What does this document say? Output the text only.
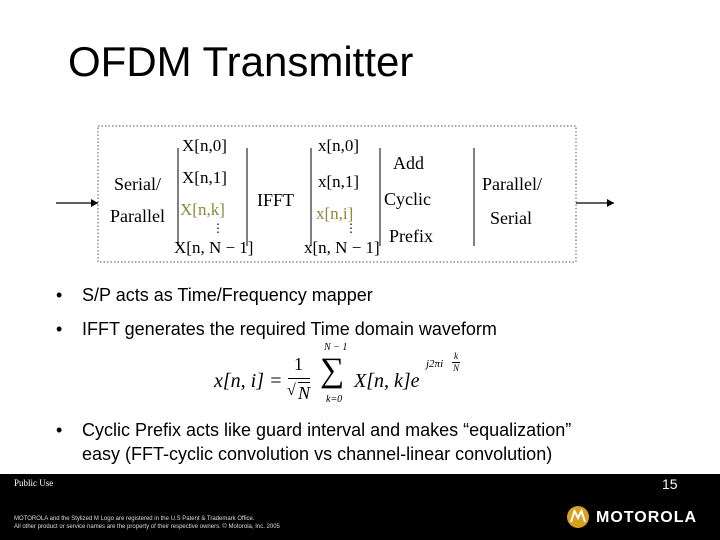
OFDM Transmitter
⋮	⋮
Serial/
Parallel
IFFT
Add
Cyclic
Prefix
Parallel/
Serial
X[n,0]
X[n,1]
X[n,k]
X[n, N − 1]
x[n,0]
x[n,1]
x[n,i]
x[n, N − 1]
• S/P acts as Time/Frequency mapper
• IFFT generates the required Time domain waveform
• Cyclic Prefix acts like guard interval and makes “equalization”
easy (FFT-cyclic convolution vs channel-linear convolution)
x[n, i] =
1
√ N
N − 1
∑
k=0
X[n, k]e
j2πi
k
N
Public Use
MOTOROLA and the Stylized M Logo are registered in the U.S Patent & Trademark Office.
All other product or service names are the property of their respective owners. © Motorola, Inc. 2005
15
MOTOROLA
